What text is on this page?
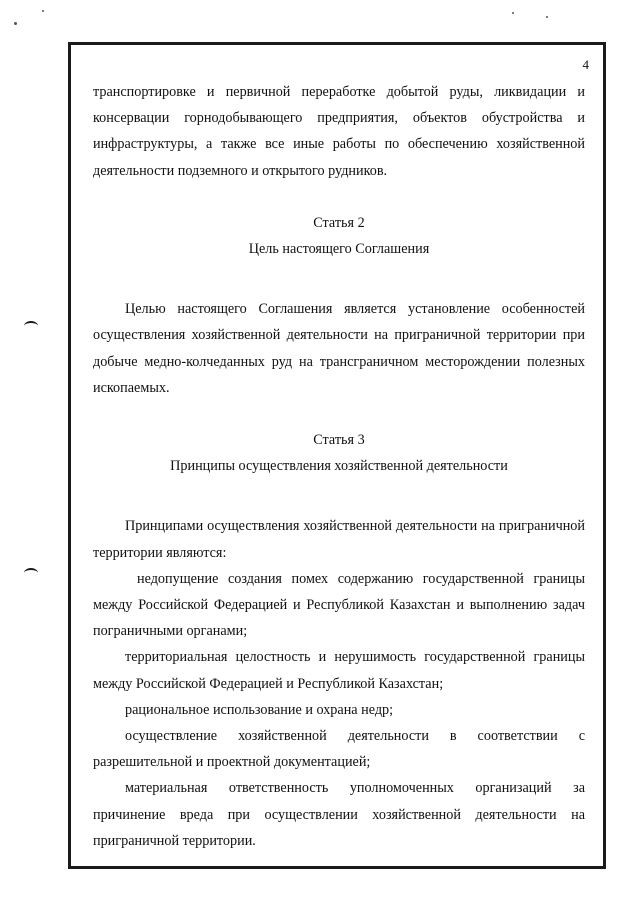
4

транспортировке и первичной переработке добытой руды, ликвидации и консервации горнодобывающего предприятия, объектов обустройства и инфраструктуры, а также все иные работы по обеспечению хозяйственной деятельности подземного и открытого рудников.

Статья 2

Цель настоящего Соглашения

Целью настоящего Соглашения является установление особенностей осуществления хозяйственной деятельности на приграничной территории при добыче медно-колчеданных руд на трансграничном месторождении полезных ископаемых.

Статья 3

Принципы осуществления хозяйственной деятельности

Принципами осуществления хозяйственной деятельности на приграничной территории являются:

недопущение создания помех содержанию государственной границы между Российской Федерацией и Республикой Казахстан и выполнению задач пограничными органами;

территориальная целостность и нерушимость государственной границы между Российской Федерацией и Республикой Казахстан;

рациональное использование и охрана недр;

осуществление хозяйственной деятельности в соответствии с разрешительной и проектной документацией;

материальная ответственность уполномоченных организаций за причинение вреда при осуществлении хозяйственной деятельности на приграничной территории.
